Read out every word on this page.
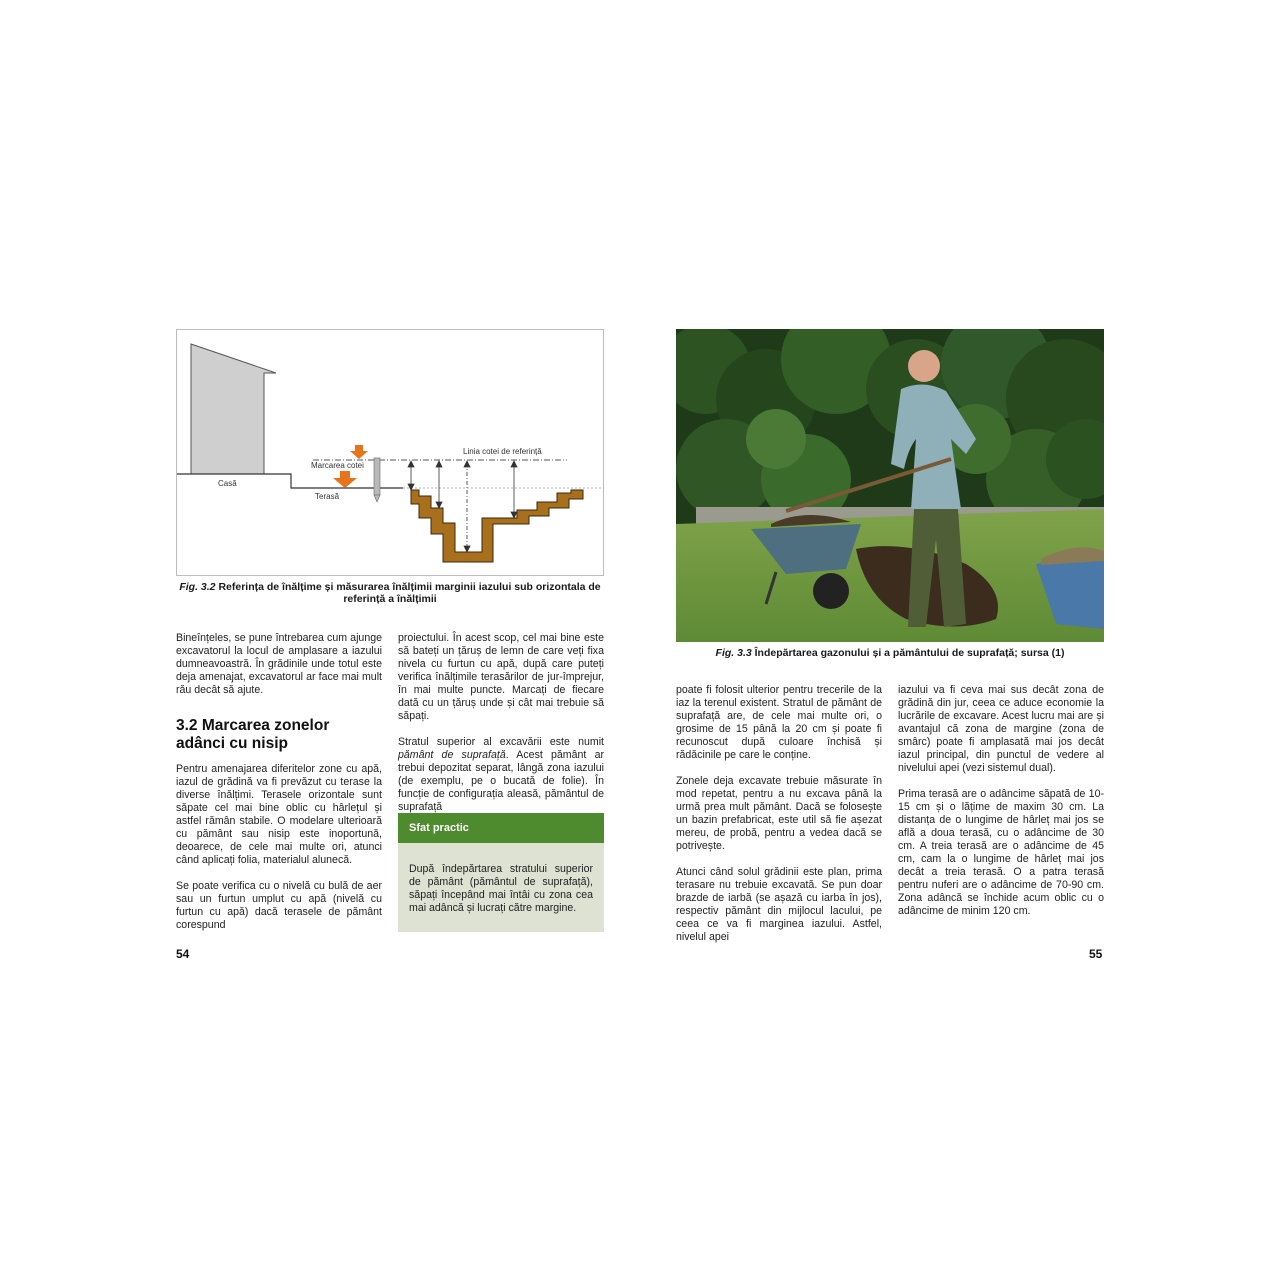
Casă
Terasă
Marcarea cotei
Linia cotei de referință
Fig. 3.2 Referința de înălțime și măsurarea înălțimii marginii iazului sub orizontala de referință a înălțimii

Bineînțeles, se pune întrebarea cum ajunge excavatorul la locul de amplasare a iazului dumneavoastră. În grădinile unde totul este deja amenajat, excavatorul ar face mai mult rău decât să ajute.

3.2 Marcarea zonelor adânci cu nisip

Pentru amenajarea diferitelor zone cu apă, iazul de grădină va fi prevăzut cu terase la diverse înălțimi. Terasele orizontale sunt săpate cel mai bine oblic cu hârlețul și astfel rămân stabile. O modelare ulterioară cu pământ sau nisip este inoportună, deoarece, de cele mai multe ori, atunci când aplicați folia, materialul alunecă.

Se poate verifica cu o nivelă cu bulă de aer sau un furtun umplut cu apă (nivelă cu furtun cu apă) dacă terasele de pământ corespund

proiectului. În acest scop, cel mai bine este să bateți un țăruș de lemn de care veți fixa nivela cu furtun cu apă, după care puteți verifica înălțimile terasărilor de jur-împrejur, în mai multe puncte. Marcați de fiecare dată cu un țăruș unde și cât mai trebuie să săpați.

Stratul superior al excavării este numit pământ de suprafață. Acest pământ ar trebui depozitat separat, lângă zona iazului (de exemplu, pe o bucată de folie). În funcție de configurația aleasă, pământul de suprafață

Sfat practic
După îndepărtarea stratului superior de pământ (pământul de suprafață), săpați începând mai întâi cu zona cea mai adâncă și lucrați către margine.
54
Fig. 3.3 Îndepărtarea gazonului și a pământului de suprafață; sursa (1)

poate fi folosit ulterior pentru trecerile de la iaz la terenul existent. Stratul de pământ de suprafață are, de cele mai multe ori, o grosime de 15 până la 20 cm și poate fi recunoscut după culoare închisă și rădăcinile pe care le conține.

Zonele deja excavate trebuie măsurate în mod repetat, pentru a nu excava până la urmă prea mult pământ. Dacă se folosește un bazin prefabricat, este util să fie așezat mereu, de probă, pentru a vedea dacă se potrivește.

Atunci când solul grădinii este plan, prima terasare nu trebuie excavată. Se pun doar brazde de iarbă (se așază cu iarba în jos), respectiv pământ din mijlocul lacului, pe ceea ce va fi marginea iazului. Astfel, nivelul apei

iazului va fi ceva mai sus decât zona de grădină din jur, ceea ce aduce economie la lucrările de excavare. Acest lucru mai are și avantajul că zona de margine (zona de smârc) poate fi amplasată mai jos decât iazul principal, din punctul de vedere al nivelului apei (vezi sistemul dual).

Prima terasă are o adâncime săpată de 10-15 cm și o lățime de maxim 30 cm. La distanța de o lungime de hârleț mai jos se află a doua terasă, cu o adâncime de 30 cm. A treia terasă are o adâncime de 45 cm, cam la o lungime de hârleț mai jos decât a treia terasă. O a patra terasă pentru nuferi are o adâncime de 70-90 cm. Zona adâncă se închide acum oblic cu o adâncime de minim 120 cm.

55
